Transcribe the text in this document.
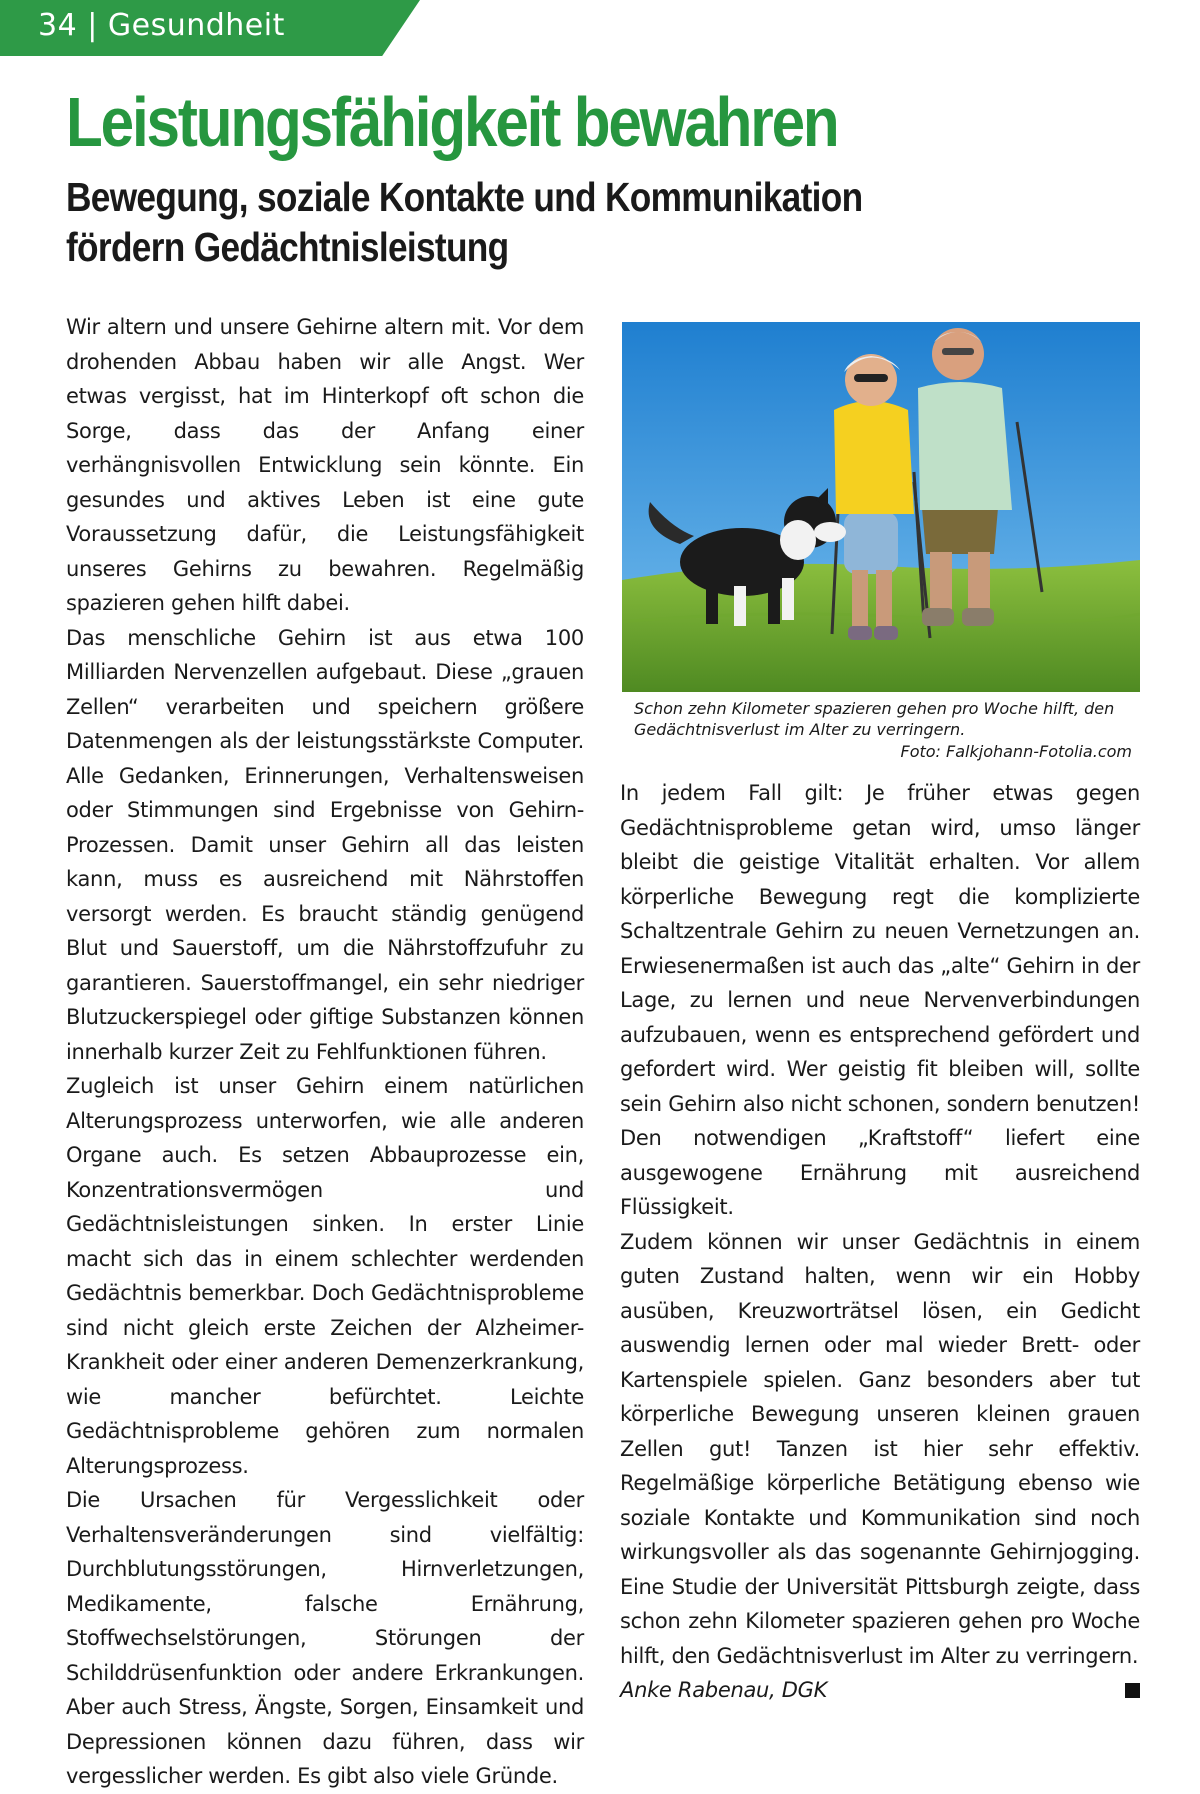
34 | Gesundheit
Leistungsfähigkeit bewahren
Bewegung, soziale Kontakte und Kommunikation
fördern Gedächtnisleistung

Wir altern und unsere Gehirne altern mit. Vor dem drohenden Abbau haben wir alle Angst. Wer etwas vergisst, hat im Hinterkopf oft schon die Sorge, dass das der Anfang einer verhängnisvollen Entwicklung sein könnte. Ein gesundes und aktives Leben ist eine gute Voraussetzung dafür, die Leistungsfähigkeit unseres Gehirns zu bewahren. Regelmäßig spazieren gehen hilft dabei.

Das menschliche Gehirn ist aus etwa 100 Milliarden Nervenzellen aufgebaut. Diese „grauen Zellen“ verarbeiten und speichern größere Datenmengen als der leistungsstärkste Computer. Alle Gedanken, Erinnerungen, Verhaltensweisen oder Stimmungen sind Ergebnisse von Gehirn-Prozessen. Damit unser Gehirn all das leisten kann, muss es ausreichend mit Nährstoffen versorgt werden. Es braucht ständig genügend Blut und Sauerstoff, um die Nährstoffzufuhr zu garantieren. Sauerstoffmangel, ein sehr niedriger Blutzuckerspiegel oder giftige Substanzen können innerhalb kurzer Zeit zu Fehlfunktionen führen.

Zugleich ist unser Gehirn einem natürlichen Alterungsprozess unterworfen, wie alle anderen Organe auch. Es setzen Abbauprozesse ein, Konzentrationsvermögen und Gedächtnisleistungen sinken. In erster Linie macht sich das in einem schlechter werdenden Gedächtnis bemerkbar. Doch Gedächtnisprobleme sind nicht gleich erste Zeichen der Alzheimer-Krankheit oder einer anderen Demenzerkrankung, wie mancher befürchtet. Leichte Gedächtnisprobleme gehören zum normalen Alterungsprozess.

Die Ursachen für Vergesslichkeit oder Verhaltensveränderungen sind vielfältig: Durchblutungsstörungen, Hirnverletzungen, Medikamente, falsche Ernährung, Stoffwechselstörungen, Störungen der Schilddrüsenfunktion oder andere Erkrankungen. Aber auch Stress, Ängste, Sorgen, Einsamkeit und Depressionen können dazu führen, dass wir vergesslicher werden. Es gibt also viele Gründe.

Schon zehn Kilometer spazieren gehen pro Woche hilft, den Gedächtnisverlust im Alter zu verringern.
Foto: Falkjohann-Fotolia.com

In jedem Fall gilt: Je früher etwas gegen Gedächtnisprobleme getan wird, umso länger bleibt die geistige Vitalität erhalten. Vor allem körperliche Bewegung regt die komplizierte Schaltzentrale Gehirn zu neuen Vernetzungen an. Erwiesenermaßen ist auch das „alte“ Gehirn in der Lage, zu lernen und neue Nervenverbindungen aufzubauen, wenn es entsprechend gefördert und gefordert wird. Wer geistig fit bleiben will, sollte sein Gehirn also nicht schonen, sondern benutzen! Den notwendigen „Kraftstoff“ liefert eine ausgewogene Ernährung mit ausreichend Flüssigkeit.

Zudem können wir unser Gedächtnis in einem guten Zustand halten, wenn wir ein Hobby ausüben, Kreuzworträtsel lösen, ein Gedicht auswendig lernen oder mal wieder Brett- oder Kartenspiele spielen. Ganz besonders aber tut körperliche Bewegung unseren kleinen grauen Zellen gut! Tanzen ist hier sehr effektiv. Regelmäßige körperliche Betätigung ebenso wie soziale Kontakte und Kommunikation sind noch wirkungsvoller als das sogenannte Gehirnjogging. Eine Studie der Universität Pittsburgh zeigte, dass schon zehn Kilometer spazieren gehen pro Woche hilft, den Gedächtnisverlust im Alter zu verringern.

Anke Rabenau, DGK
